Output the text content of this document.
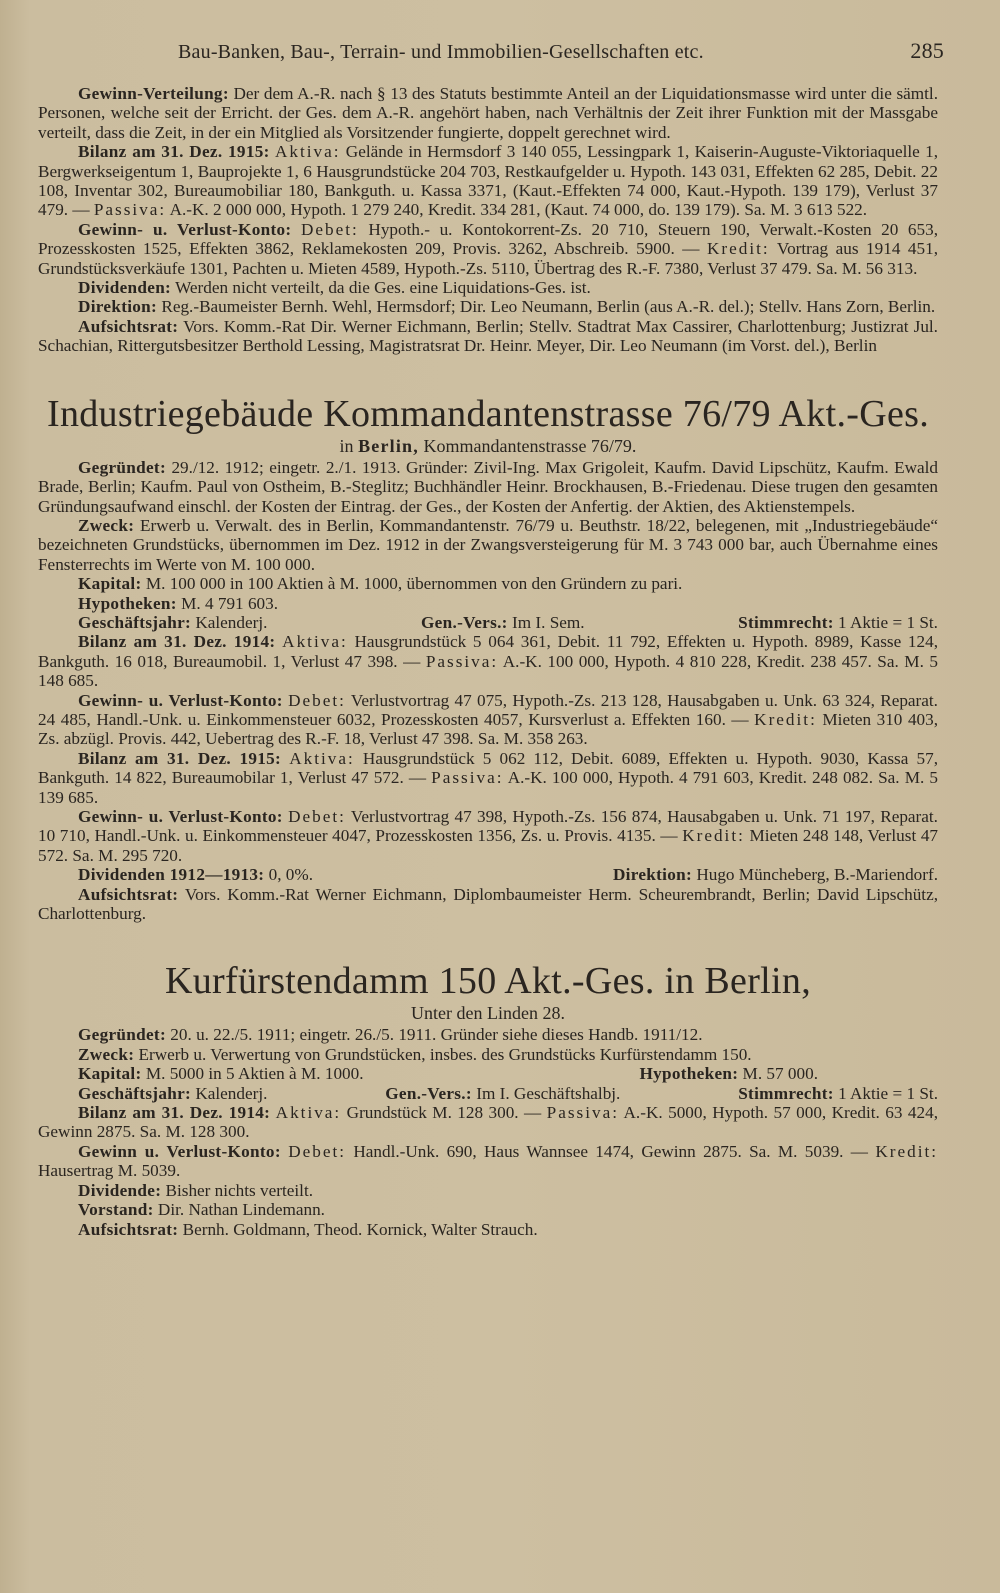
Bau-Banken, Bau-, Terrain- und Immobilien-Gesellschaften etc.	285

Gewinn-Verteilung: Der dem A.-R. nach § 13 des Statuts bestimmte Anteil an der Liquidationsmasse wird unter die sämtl. Personen, welche seit der Erricht. der Ges. dem A.-R. angehört haben, nach Verhältnis der Zeit ihrer Funktion mit der Massgabe verteilt, dass die Zeit, in der ein Mitglied als Vorsitzender fungierte, doppelt gerechnet wird.

Bilanz am 31. Dez. 1915: Aktiva: Gelände in Hermsdorf 3 140 055, Lessingpark 1, Kaiserin-Auguste-Viktoriaquelle 1, Bergwerkseigentum 1, Bauprojekte 1, 6 Hausgrundstücke 204 703, Restkaufgelder u. Hypoth. 143 031, Effekten 62 285, Debit. 22 108, Inventar 302, Bureaumobiliar 180, Bankguth. u. Kassa 3371, (Kaut.-Effekten 74 000, Kaut.-Hypoth. 139 179), Verlust 37 479. — Passiva: A.-K. 2 000 000, Hypoth. 1 279 240, Kredit. 334 281, (Kaut. 74 000, do. 139 179). Sa. M. 3 613 522.

Gewinn- u. Verlust-Konto: Debet: Hypoth.- u. Kontokorrent-Zs. 20 710, Steuern 190, Verwalt.-Kosten 20 653, Prozesskosten 1525, Effekten 3862, Reklamekosten 209, Provis. 3262, Abschreib. 5900. — Kredit: Vortrag aus 1914 451, Grundstücksverkäufe 1301, Pachten u. Mieten 4589, Hypoth.-Zs. 5110, Übertrag des R.-F. 7380, Verlust 37 479. Sa. M. 56 313.

Dividenden: Werden nicht verteilt, da die Ges. eine Liquidations-Ges. ist.

Direktion: Reg.-Baumeister Bernh. Wehl, Hermsdorf; Dir. Leo Neumann, Berlin (aus A.-R. del.); Stellv. Hans Zorn, Berlin.

Aufsichtsrat: Vors. Komm.-Rat Dir. Werner Eichmann, Berlin; Stellv. Stadtrat Max Cassirer, Charlottenburg; Justizrat Jul. Schachian, Rittergutsbesitzer Berthold Lessing, Magistratsrat Dr. Heinr. Meyer, Dir. Leo Neumann (im Vorst. del.), Berlin

Industriegebäude Kommandantenstrasse 76/79 Akt.-Ges.
in Berlin, Kommandantenstrasse 76/79.

Gegründet: 29./12. 1912; eingetr. 2./1. 1913. Gründer: Zivil-Ing. Max Grigoleit, Kaufm. David Lipschütz, Kaufm. Ewald Brade, Berlin; Kaufm. Paul von Ostheim, B.-Steglitz; Buchhändler Heinr. Brockhausen, B.-Friedenau. Diese trugen den gesamten Gründungsaufwand einschl. der Kosten der Eintrag. der Ges., der Kosten der Anfertig. der Aktien, des Aktienstempels.

Zweck: Erwerb u. Verwalt. des in Berlin, Kommandantenstr. 76/79 u. Beuthstr. 18/22, belegenen, mit „Industriegebäude“ bezeichneten Grundstücks, übernommen im Dez. 1912 in der Zwangsversteigerung für M. 3 743 000 bar, auch Übernahme eines Fensterrechts im Werte von M. 100 000.

Kapital: M. 100 000 in 100 Aktien à M. 1000, übernommen von den Gründern zu pari.

Hypotheken: M. 4 791 603.

Geschäftsjahr: Kalenderj.	Gen.-Vers.: Im I. Sem.	Stimmrecht: 1 Aktie = 1 St.

Bilanz am 31. Dez. 1914: Aktiva: Hausgrundstück 5 064 361, Debit. 11 792, Effekten u. Hypoth. 8989, Kasse 124, Bankguth. 16 018, Bureaumobil. 1, Verlust 47 398. — Passiva: A.-K. 100 000, Hypoth. 4 810 228, Kredit. 238 457. Sa. M. 5 148 685.

Gewinn- u. Verlust-Konto: Debet: Verlustvortrag 47 075, Hypoth.-Zs. 213 128, Hausabgaben u. Unk. 63 324, Reparat. 24 485, Handl.-Unk. u. Einkommensteuer 6032, Prozesskosten 4057, Kursverlust a. Effekten 160. — Kredit: Mieten 310 403, Zs. abzügl. Provis. 442, Uebertrag des R.-F. 18, Verlust 47 398. Sa. M. 358 263.

Bilanz am 31. Dez. 1915: Aktiva: Hausgrundstück 5 062 112, Debit. 6089, Effekten u. Hypoth. 9030, Kassa 57, Bankguth. 14 822, Bureaumobilar 1, Verlust 47 572. — Passiva: A.-K. 100 000, Hypoth. 4 791 603, Kredit. 248 082. Sa. M. 5 139 685.

Gewinn- u. Verlust-Konto: Debet: Verlustvortrag 47 398, Hypoth.-Zs. 156 874, Hausabgaben u. Unk. 71 197, Reparat. 10 710, Handl.-Unk. u. Einkommensteuer 4047, Prozesskosten 1356, Zs. u. Provis. 4135. — Kredit: Mieten 248 148, Verlust 47 572. Sa. M. 295 720.

Dividenden 1912—1913: 0, 0%.	Direktion: Hugo Müncheberg, B.-Mariendorf.

Aufsichtsrat: Vors. Komm.-Rat Werner Eichmann, Diplombaumeister Herm. Scheurembrandt, Berlin; David Lipschütz, Charlottenburg.

Kurfürstendamm 150 Akt.-Ges. in Berlin,
Unter den Linden 28.

Gegründet: 20. u. 22./5. 1911; eingetr. 26./5. 1911. Gründer siehe dieses Handb. 1911/12.

Zweck: Erwerb u. Verwertung von Grundstücken, insbes. des Grundstücks Kurfürstendamm 150.

Kapital: M. 5000 in 5 Aktien à M. 1000.	Hypotheken: M. 57 000.
Geschäftsjahr: Kalenderj.	Gen.-Vers.: Im I. Geschäftshalbj.	Stimmrecht: 1 Aktie = 1 St.

Bilanz am 31. Dez. 1914: Aktiva: Grundstück M. 128 300. — Passiva: A.-K. 5000, Hypoth. 57 000, Kredit. 63 424, Gewinn 2875. Sa. M. 128 300.

Gewinn u. Verlust-Konto: Debet: Handl.-Unk. 690, Haus Wannsee 1474, Gewinn 2875. Sa. M. 5039. — Kredit: Hausertrag M. 5039.

Dividende: Bisher nichts verteilt.

Vorstand: Dir. Nathan Lindemann.

Aufsichtsrat: Bernh. Goldmann, Theod. Kornick, Walter Strauch.
